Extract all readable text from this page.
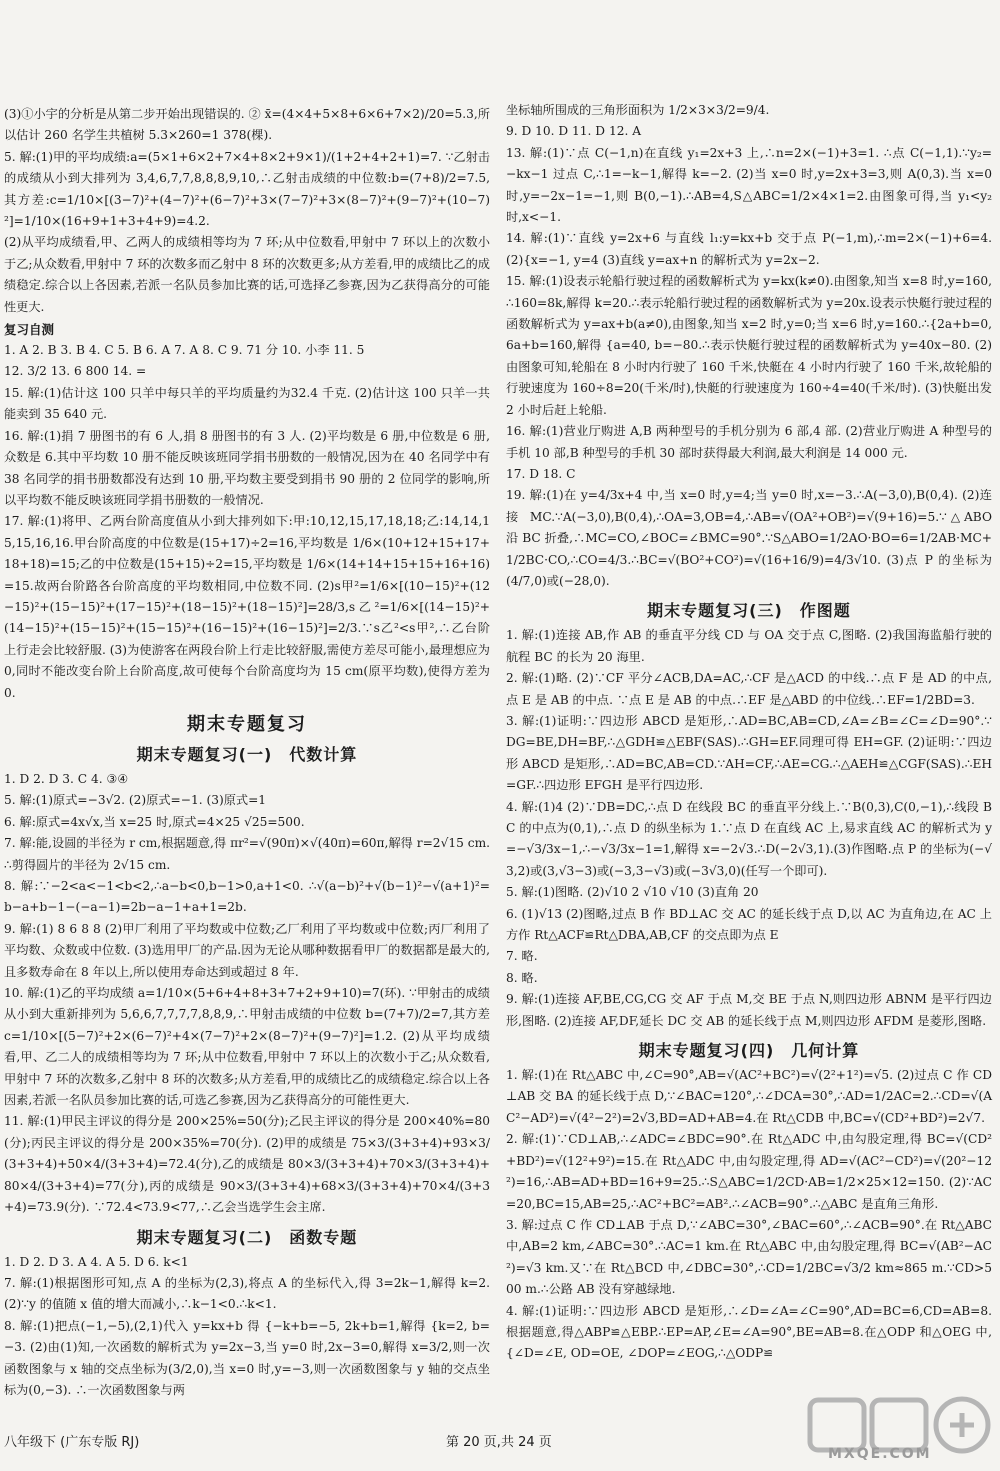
(3)①小宇的分析是从第二步开始出现错误的. ② x̄=(4×4+5×8+6×6+7×2)/20=5.3,所以估计 260 名学生共植树 5.3×260=1 378(棵).

5. 解:(1)甲的平均成绩:a=(5×1+6×2+7×4+8×2+9×1)/(1+2+4+2+1)=7. ∵乙射击的成绩从小到大排列为 3,4,6,7,7,8,8,8,9,10,∴乙射击成绩的中位数:b=(7+8)/2=7.5,其方差:c=1/10×[(3−7)²+(4−7)²+(6−7)²+3×(7−7)²+3×(8−7)²+(9−7)²+(10−7)²]=1/10×(16+9+1+3+4+9)=4.2.

(2)从平均成绩看,甲、乙两人的成绩相等均为 7 环;从中位数看,甲射中 7 环以上的次数小于乙;从众数看,甲射中 7 环的次数多而乙射中 8 环的次数更多;从方差看,甲的成绩比乙的成绩稳定.综合以上各因素,若派一名队员参加比赛的话,可选择乙参赛,因为乙获得高分的可能性更大.

复习自测

1. A 2. B 3. B 4. C 5. B 6. A 7. A 8. C 9. 71 分 10. 小李 11. 5

12. 3/2 13. 6 800 14. =

15. 解:(1)估计这 100 只羊中每只羊的平均质量约为32.4 千克. (2)估计这 100 只羊一共能卖到 35 640 元.

16. 解:(1)捐 7 册图书的有 6 人,捐 8 册图书的有 3 人. (2)平均数是 6 册,中位数是 6 册,众数是 6.其中平均数 10 册不能反映该班同学捐书册数的一般情况,因为在 40 名同学中有 38 名同学的捐书册数都没有达到 10 册,平均数主要受到捐书 90 册的 2 位同学的影响,所以平均数不能反映该班同学捐书册数的一般情况.

17. 解:(1)将甲、乙两台阶高度值从小到大排列如下:甲:10,12,15,17,18,18;乙:14,14,15,15,16,16.甲台阶高度的中位数是(15+17)÷2=16,平均数是 1/6×(10+12+15+17+18+18)=15;乙的中位数是(15+15)÷2=15,平均数是 1/6×(14+14+15+15+16+16)=15.故两台阶路各台阶高度的平均数相同,中位数不同. (2)s甲²=1/6×[(10−15)²+(12−15)²+(15−15)²+(17−15)²+(18−15)²+(18−15)²]=28/3,s乙²=1/6×[(14−15)²+(14−15)²+(15−15)²+(15−15)²+(16−15)²+(16−15)²]=2/3.∵s乙²<s甲²,∴乙台阶上行走会比较舒服. (3)为使游客在两段台阶上行走比较舒服,需使方差尽可能小,最理想应为 0,同时不能改变台阶上台阶高度,故可使每个台阶高度均为 15 cm(原平均数),使得方差为 0.

期末专题复习
期末专题复习(一)　代数计算

1. D 2. D 3. C 4. ③④

5. 解:(1)原式=−3√2. (2)原式=−1. (3)原式=1

6. 解:原式=4x√x,当 x=25 时,原式=4×25 √25=500.

7. 解:能,设圆的半径为 r cm,根据题意,得 πr²=√(90π)×√(40π)=60π,解得 r=2√15 cm. ∴剪得圆片的半径为 2√15 cm.

8. 解:∵−2<a<−1<b<2,∴a−b<0,b−1>0,a+1<0. ∴√(a−b)²+√(b−1)²−√(a+1)²=b−a+b−1−(−a−1)=2b−a−1+a+1=2b.

9. 解:(1) 8 6 8 8 (2)甲厂利用了平均数或中位数;乙厂利用了平均数或中位数;丙厂利用了平均数、众数或中位数. (3)选用甲厂的产品.因为无论从哪种数据看甲厂的数据都是最大的,且多数寿命在 8 年以上,所以使用寿命达到或超过 8 年.

10. 解:(1)乙的平均成绩 a=1/10×(5+6+4+8+3+7+2+9+10)=7(环). ∵甲射击的成绩从小到大重新排列为 5,6,6,7,7,7,7,8,8,9,∴甲射击成绩的中位数 b=(7+7)/2=7,其方差 c=1/10×[(5−7)²+2×(6−7)²+4×(7−7)²+2×(8−7)²+(9−7)²]=1.2. (2)从平均成绩看,甲、乙二人的成绩相等均为 7 环;从中位数看,甲射中 7 环以上的次数小于乙;从众数看,甲射中 7 环的次数多,乙射中 8 环的次数多;从方差看,甲的成绩比乙的成绩稳定.综合以上各因素,若派一名队员参加比赛的话,可选乙参赛,因为乙获得高分的可能性更大.

11. 解:(1)甲民主评议的得分是 200×25%=50(分);乙民主评议的得分是 200×40%=80(分);丙民主评议的得分是 200×35%=70(分). (2)甲的成绩是 75×3/(3+3+4)+93×3/(3+3+4)+50×4/(3+3+4)=72.4(分),乙的成绩是 80×3/(3+3+4)+70×3/(3+3+4)+80×4/(3+3+4)=77(分),丙的成绩是 90×3/(3+3+4)+68×3/(3+3+4)+70×4/(3+3+4)=73.9(分). ∵72.4<73.9<77,∴乙会当选学生会主席.

期末专题复习(二)　函数专题

1. D 2. D 3. A 4. A 5. D 6. k<1

7. 解:(1)根据图形可知,点 A 的坐标为(2,3),将点 A 的坐标代入,得 3=2k−1,解得 k=2. (2)∵y 的值随 x 值的增大而减小,∴k−1<0.∴k<1.

8. 解:(1)把点(−1,−5),(2,1)代入 y=kx+b 得 {−k+b=−5, 2k+b=1,解得 {k=2, b=−3. (2)由(1)知,一次函数的解析式为 y=2x−3,当 y=0 时,2x−3=0,解得 x=3/2,则一次函数图象与 x 轴的交点坐标为(3/2,0),当 x=0 时,y=−3,则一次函数图象与 y 轴的交点坐标为(0,−3). ∴一次函数图象与两

坐标轴所围成的三角形面积为 1/2×3×3/2=9/4.

9. D 10. D 11. D 12. A

13. 解:(1)∵点 C(−1,n)在直线 y₁=2x+3 上,∴n=2×(−1)+3=1. ∴点 C(−1,1).∵y₂=−kx−1 过点 C,∴1=−k−1,解得 k=−2. (2)当 x=0 时,y=2x+3=3,则 A(0,3).当 x=0 时,y=−2x−1=−1,则 B(0,−1).∴AB=4,S△ABC=1/2×4×1=2.由图象可得,当 y₁<y₂时,x<−1.

14. 解:(1)∵直线 y=2x+6 与直线 l₁:y=kx+b 交于点 P(−1,m),∴m=2×(−1)+6=4. (2){x=−1, y=4 (3)直线 y=ax+n 的解析式为 y=2x−2.

15. 解:(1)设表示轮船行驶过程的函数解析式为 y=kx(k≠0).由图象,知当 x=8 时,y=160,∴160=8k,解得 k=20.∴表示轮船行驶过程的函数解析式为 y=20x.设表示快艇行驶过程的函数解析式为 y=ax+b(a≠0),由图象,知当 x=2 时,y=0;当 x=6 时,y=160.∴{2a+b=0, 6a+b=160,解得 {a=40, b=−80.∴表示快艇行驶过程的函数解析式为 y=40x−80. (2)由图象可知,轮船在 8 小时内行驶了 160 千米,快艇在 4 小时内行驶了 160 千米,故轮船的行驶速度为 160÷8=20(千米/时),快艇的行驶速度为 160÷4=40(千米/时). (3)快艇出发 2 小时后赶上轮船.

16. 解:(1)营业厅购进 A,B 两种型号的手机分别为 6 部,4 部. (2)营业厅购进 A 种型号的手机 10 部,B 种型号的手机 30 部时获得最大利润,最大利润是 14 000 元.

17. D 18. C

19. 解:(1)在 y=4/3x+4 中,当 x=0 时,y=4;当 y=0 时,x=−3.∴A(−3,0),B(0,4). (2)连接 MC.∵A(−3,0),B(0,4),∴OA=3,OB=4,∴AB=√(OA²+OB²)=√(9+16)=5.∵△ABO 沿 BC 折叠,∴MC=CO,∠BOC=∠BMC=90°.∵S△ABO=1/2AO·BO=6=1/2AB·MC+1/2BC·CO,∴CO=4/3.∴BC=√(BO²+CO²)=√(16+16/9)=4/3√10. (3)点 P 的坐标为(4/7,0)或(−28,0).

期末专题复习(三)　作图题

1. 解:(1)连接 AB,作 AB 的垂直平分线 CD 与 OA 交于点 C,图略. (2)我国海监船行驶的航程 BC 的长为 20 海里.

2. 解:(1)略. (2)∵CF 平分∠ACB,DA=AC,∴CF 是△ACD 的中线.∴点 F 是 AD 的中点,点 E 是 AB 的中点. ∵点 E 是 AB 的中点.∴EF 是△ABD 的中位线.∴EF=1/2BD=3.

3. 解:(1)证明:∵四边形 ABCD 是矩形,∴AD=BC,AB=CD,∠A=∠B=∠C=∠D=90°.∵DG=BE,DH=BF,∴△GDH≌△EBF(SAS).∴GH=EF.同理可得 EH=GF. (2)证明:∵四边形 ABCD 是矩形,∴AD=BC,AB=CD.∵AH=CF,∴AE=CG.∴△AEH≌△CGF(SAS).∴EH=GF.∴四边形 EFGH 是平行四边形.

4. 解:(1)4 (2)∵DB=DC,∴点 D 在线段 BC 的垂直平分线上.∵B(0,3),C(0,−1),∴线段 BC 的中点为(0,1),∴点 D 的纵坐标为 1.∵点 D 在直线 AC 上,易求直线 AC 的解析式为 y=−√3/3x−1,∴−√3/3x−1=1,解得 x=−2√3.∴D(−2√3,1).(3)作图略.点 P 的坐标为(−√3,2)或(3,√3−3)或(−3,3−√3)或(−3√3,0)(任写一个即可).

5. 解:(1)图略. (2)√10 2 √10 √10 (3)直角 20

6. (1)√13 (2)图略,过点 B 作 BD⊥AC 交 AC 的延长线于点 D,以 AC 为直角边,在 AC 上方作 Rt△ACF≌Rt△DBA,AB,CF 的交点即为点 E

7. 略.

8. 略.

9. 解:(1)连接 AF,BE,CG,CG 交 AF 于点 M,交 BE 于点 N,则四边形 ABNM 是平行四边形,图略. (2)连接 AF,DF,延长 DC 交 AB 的延长线于点 M,则四边形 AFDM 是菱形,图略.

期末专题复习(四)　几何计算

1. 解:(1)在 Rt△ABC 中,∠C=90°,AB=√(AC²+BC²)=√(2²+1²)=√5. (2)过点 C 作 CD⊥AB 交 BA 的延长线于点 D,∵∠BAC=120°,∴∠DCA=30°,∴AD=1/2AC=2.∴CD=√(AC²−AD²)=√(4²−2²)=2√3,BD=AD+AB=4.在 Rt△CDB 中,BC=√(CD²+BD²)=2√7.

2. 解:(1)∵CD⊥AB,∴∠ADC=∠BDC=90°.在 Rt△ADC 中,由勾股定理,得 BC=√(CD²+BD²)=√(12²+9²)=15.在 Rt△ADC 中,由勾股定理,得 AD=√(AC²−CD²)=√(20²−12²)=16,∴AB=AD+BD=16+9=25.∴S△ABC=1/2CD·AB=1/2×25×12=150. (2)∵AC=20,BC=15,AB=25,∴AC²+BC²=AB².∴∠ACB=90°.∴△ABC 是直角三角形.

3. 解:过点 C 作 CD⊥AB 于点 D,∵∠ABC=30°,∠BAC=60°,∴∠ACB=90°.在 Rt△ABC 中,AB=2 km,∠ABC=30°.∴AC=1 km.在 Rt△ABC 中,由勾股定理,得 BC=√(AB²−AC²)=√3 km.又∵在 Rt△BCD 中,∠DBC=30°,∴CD=1/2BC=√3/2 km≈865 m.∵CD>500 m.∴公路 AB 没有穿越绿地.

4. 解:(1)证明:∵四边形 ABCD 是矩形,∴∠D=∠A=∠C=90°,AD=BC=6,CD=AB=8.根据题意,得△ABP≌△EBP.∴EP=AP,∠E=∠A=90°,BE=AB=8.在△ODP 和△OEG 中,{∠D=∠E, OD=OE, ∠DOP=∠EOG,∴△ODP≌

八年级下 (广东专版 RJ)	第 20 页,共 24 页
MXQE.COM
